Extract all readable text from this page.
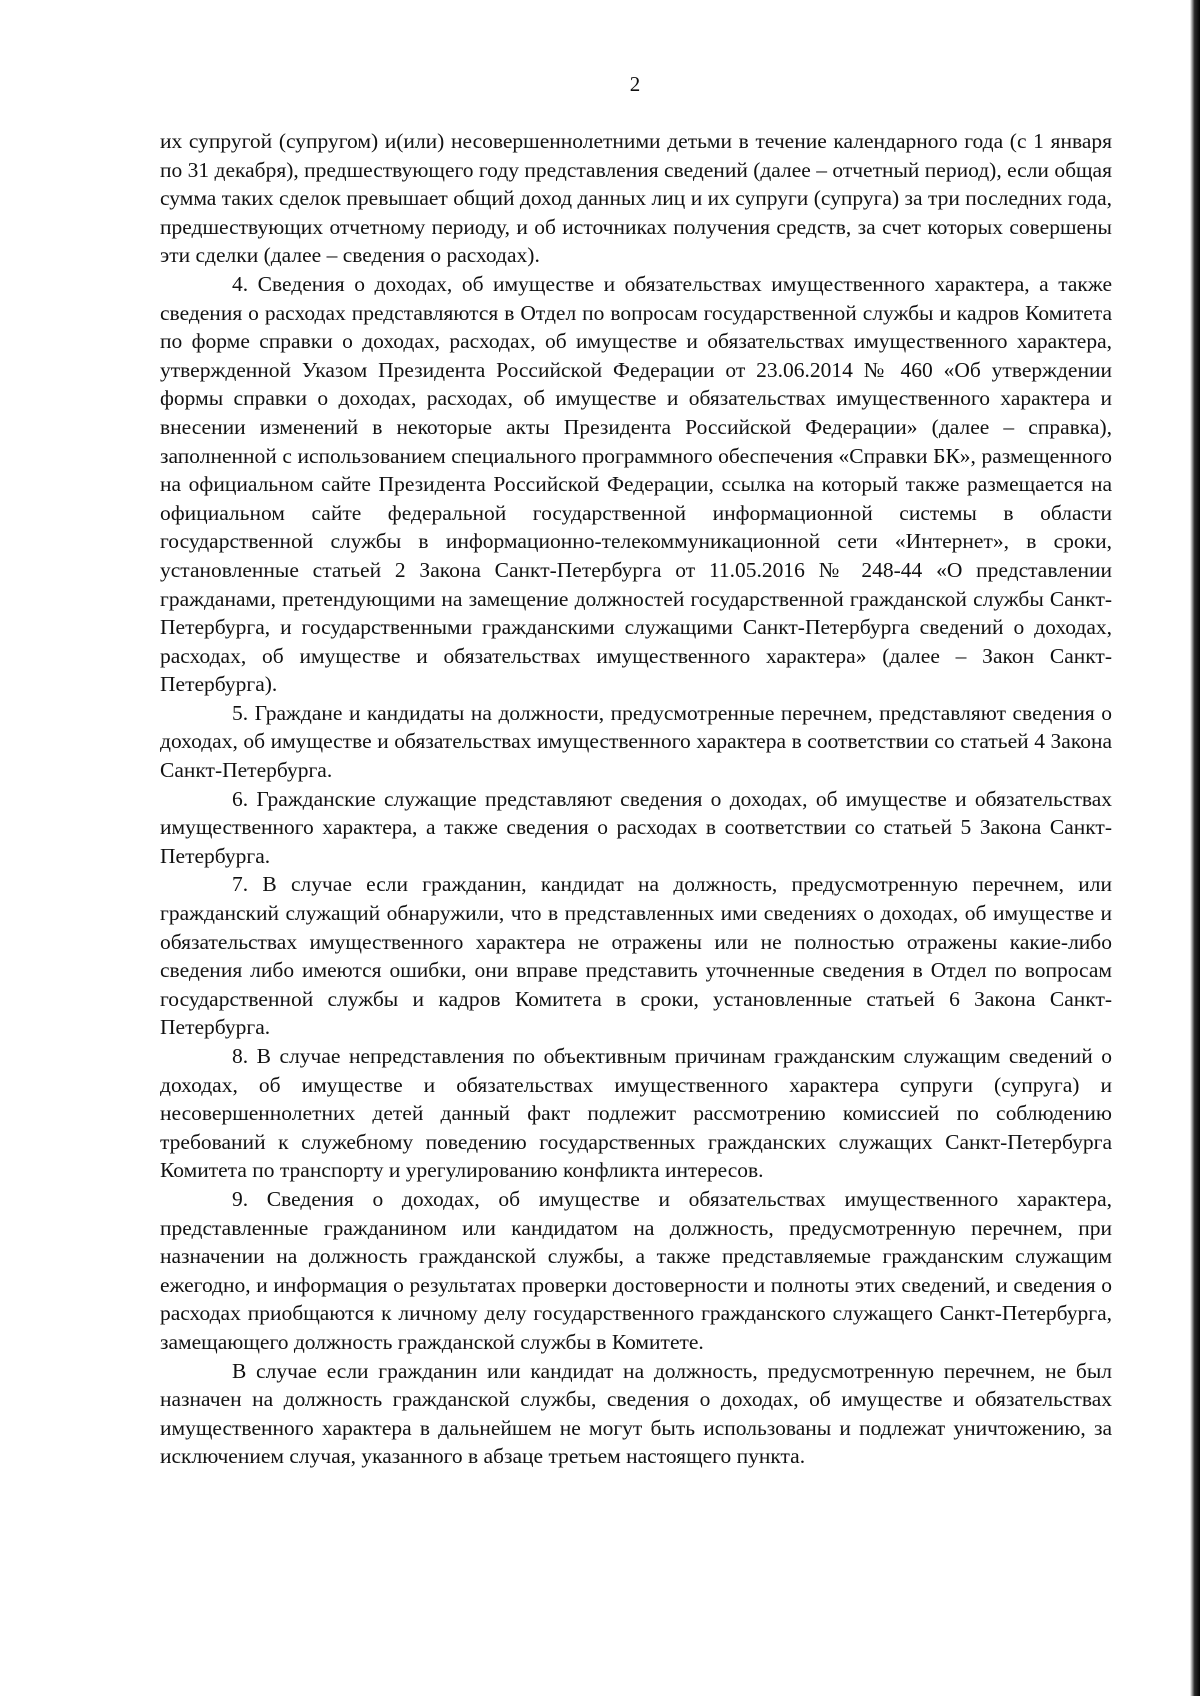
2

их супругой (супругом) и(или) несовершеннолетними детьми в течение календарного года (с 1 января по 31 декабря), предшествующего году представления сведений (далее – отчетный период), если общая сумма таких сделок превышает общий доход данных лиц и их супруги (супруга) за три последних года, предшествующих отчетному периоду, и об источниках получения средств, за счет которых совершены эти сделки (далее – сведения о расходах).

4. Сведения о доходах, об имуществе и обязательствах имущественного характера, а также сведения о расходах представляются в Отдел по вопросам государственной службы и кадров Комитета по форме справки о доходах, расходах, об имуществе и обязательствах имущественного характера, утвержденной Указом Президента Российской Федерации от 23.06.2014 № 460 «Об утверждении формы справки о доходах, расходах, об имуществе и обязательствах имущественного характера и внесении изменений в некоторые акты Президента Российской Федерации» (далее – справка), заполненной с использованием специального программного обеспечения «Справки БК», размещенного на официальном сайте Президента Российской Федерации, ссылка на который также размещается на официальном сайте федеральной государственной информационной системы в области государственной службы в информационно-телекоммуникационной сети «Интернет», в сроки, установленные статьей 2 Закона Санкт-Петербурга от 11.05.2016 № 248-44 «О представлении гражданами, претендующими на замещение должностей государственной гражданской службы Санкт-Петербурга, и государственными гражданскими служащими Санкт-Петербурга сведений о доходах, расходах, об имуществе и обязательствах имущественного характера» (далее – Закон Санкт-Петербурга).

5. Граждане и кандидаты на должности, предусмотренные перечнем, представляют сведения о доходах, об имуществе и обязательствах имущественного характера в соответствии со статьей 4 Закона Санкт-Петербурга.

6. Гражданские служащие представляют сведения о доходах, об имуществе и обязательствах имущественного характера, а также сведения о расходах в соответствии со статьей 5 Закона Санкт-Петербурга.

7. В случае если гражданин, кандидат на должность, предусмотренную перечнем, или гражданский служащий обнаружили, что в представленных ими сведениях о доходах, об имуществе и обязательствах имущественного характера не отражены или не полностью отражены какие-либо сведения либо имеются ошибки, они вправе представить уточненные сведения в Отдел по вопросам государственной службы и кадров Комитета в сроки, установленные статьей 6 Закона Санкт-Петербурга.

8. В случае непредставления по объективным причинам гражданским служащим сведений о доходах, об имуществе и обязательствах имущественного характера супруги (супруга) и несовершеннолетних детей данный факт подлежит рассмотрению комиссией по соблюдению требований к служебному поведению государственных гражданских служащих Санкт-Петербурга Комитета по транспорту и урегулированию конфликта интересов.

9. Сведения о доходах, об имуществе и обязательствах имущественного характера, представленные гражданином или кандидатом на должность, предусмотренную перечнем, при назначении на должность гражданской службы, а также представляемые гражданским служащим ежегодно, и информация о результатах проверки достоверности и полноты этих сведений, и сведения о расходах приобщаются к личному делу государственного гражданского служащего Санкт-Петербурга, замещающего должность гражданской службы в Комитете.

В случае если гражданин или кандидат на должность, предусмотренную перечнем, не был назначен на должность гражданской службы, сведения о доходах, об имуществе и обязательствах имущественного характера в дальнейшем не могут быть использованы и подлежат уничтожению, за исключением случая, указанного в абзаце третьем настоящего пункта.
